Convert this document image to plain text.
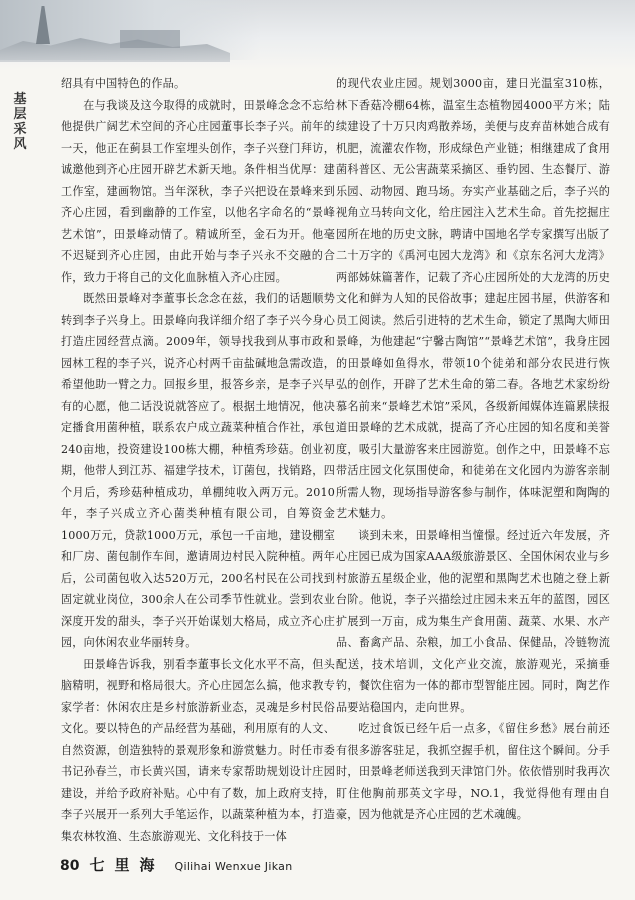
基层采风

绍具有中国特色的作品。

在与我谈及这今取得的成就时，田景峰念念不忘给他提供广阔艺术空间的齐心庄园董事长李子兴。前年的一天，他正在蓟县工作室埋头创作，李子兴登门拜访，诚邀他到齐心庄园开辟艺术新天地。条件相当优厚：建工作室，建画物馆。当年深秋，李子兴把设在景峰来到齐心庄园，看到幽静的工作室，以他名字命名的“景峰艺术馆”，田景峰动情了。精诚所至，金石为开。他毫不迟疑到齐心庄园，由此开始与李子兴永不交融的合作，致力于将自己的文化血脉植入齐心庄园。

既然田景峰对李董事长念念在兹，我们的话题顺势转到李子兴身上。田景峰向我详细介绍了李子兴今身心打造庄园经营点滴。2009年，领导找我到从事市政和园林工程的李子兴，说齐心村两千亩盐碱地急需改造，希望他助一臂之力。回报乡里，报答乡亲，是李子兴早有的心愿，他二话没说就答应了。根据土地情况，他决定播食用菌种植，联系农户成立蔬菜种植合作社，承包240亩地，投资建设100栋大棚，种植秀珍菇。创业初期，他带人到江苏、福建学技术，订菌包，找销路，四个月后，秀珍菇种植成功，单棚纯收入两万元。2010年，李子兴成立齐心菌类种植有限公司，自筹资金1000万元，贷款1000万元，承包一千亩地，建设棚室和厂房、菌包制作车间，邀请周边村民入院种植。两年后，公司菌包收入达520万元，200名村民在公司找到固定就业岗位，300余人在公司季节性就业。尝到农业深度开发的甜头，李子兴开始谋划大格局，成立齐心庄园，向休闲农业华丽转身。

田景峰告诉我，别看李董事长文化水平不高，但头脑精明，视野和格局很大。齐心庄园怎么搞，他求教专家学者：休闲农庄是乡村旅游新业态，灵魂是乡村民俗文化。要以特色的产品经营为基础，利用原有的人文、自然资源，创造独特的景观形象和游赏魅力。时任市委书记孙春兰，市长黄兴国，请来专家帮助规划设计庄园建设，并给予政府补贴。心中有了数，加上政府支持，李子兴展开一系列大手笔运作，以蔬菜种植为本，打造集农林牧渔、生态旅游观光、文化科技于一体

的现代农业庄园。规划3000亩，建日光温室310栋，林下香菇冷棚64栋，温室生态植物园4000平方米；陆续建设了十万只肉鸡散养场，美便与皮弃苗林她合成有机肥，流灌农作物，形成绿色产业链；相继建成了食用菌科普区、无公害蔬菜采摘区、垂钓园、生态餐厅、游乐园、动物园、跑马场。夯实产业基础之后，李子兴的视角立马转向文化，给庄园注入艺术生命。首先挖掘庄园所在地的历史文脉，聘请中国地名学专家撰写出版了二十万字的《禹河屯园大龙湾》和《京东名河大龙湾》两部姊妹篇著作，记载了齐心庄园所处的大龙湾的历史文化和鲜为人知的民俗故事；建起庄园书屋，供游客和员工阅读。然后引进特的艺术生命，锁定了黑陶大师田景峰，为他建起“宁馨古陶馆”“景峰艺术馆”，我身庄园的田景峰如鱼得水，带领10个徒弟和部分农民进行恢弘的创作，开辟了艺术生命的第二春。各地艺术家纷纷慕名前来“景峰艺术馆”采风，各级新闻媒体连篇累牍报道田景峰的艺术成就，提高了齐心庄园的知名度和美誉度，吸引大量游客来庄园游览。创作之中，田景峰不忘带活庄园文化氛围使命，和徒弟在文化园内为游客亲制所需人物，现场指导游客参与制作，体味泥塑和陶陶的艺术魅力。

谈到未来，田景峰相当憧憬。经过近六年发展，齐心庄园已成为国家AAA级旅游景区、全国休闲农业与乡村旅游五星级企业，他的泥塑和黑陶艺术也随之登上新台阶。他说，李子兴描绘过庄园未来五年的蓝图，园区扩展到一万亩，成为集生产食用菌、蔬菜、水果、水产品、畜禽产品、杂粮，加工小食品、保健品，冷链物流配送，技术培训，文化产业交流，旅游观光，采摘垂钓，餐饮住宿为一体的都市型智能庄园。同时，陶艺作品要站稳国内，走向世界。

吃过食饭已经午后一点多，《留住乡愁》展台前还有很多游客驻足，我抓空握手机，留住这个瞬间。分手时，田景峰老师送我到天津馆门外。依依惜别时我再次盯住他胸前那英文字母，NO.1，我觉得他有理由自豪，因为他就是齐心庄园的艺术魂魄。

80 七里海 Qilihai Wenxue Jikan
